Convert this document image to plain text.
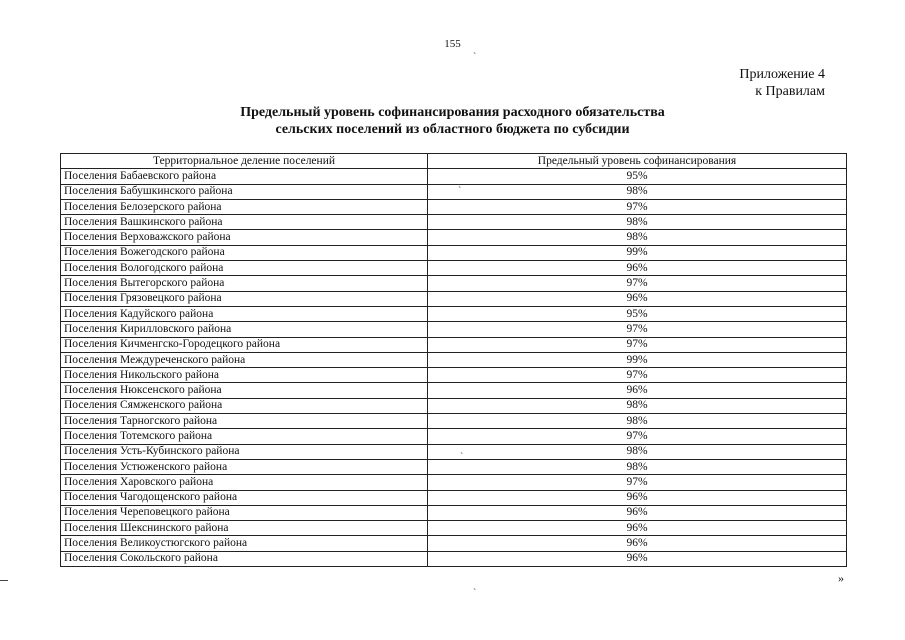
155
`
Приложение 4
к Правилам
Предельный уровень софинансирования расходного обязательства
сельских поселений из областного бюджета по субсидии
Территориальное деление поселений	Предельный уровень софинансирования
Поселения Бабаевского района	95%
Поселения Бабушкинского района	98%
Поселения Белозерского района	97%
Поселения Вашкинского района	98%
Поселения Верховажского района	98%
Поселения Вожегодского района	99%
Поселения Вологодского района	96%
Поселения Вытегорского района	97%
Поселения Грязовецкого района	96%
Поселения Кадуйского района	95%
Поселения Кирилловского района	97%
Поселения Кичменгско-Городецкого района	97%
Поселения Междуреченского района	99%
Поселения Никольского района	97%
Поселения Нюксенского района	96%
Поселения Сямженского района	98%
Поселения Тарногского района	98%
Поселения Тотемского района	97%
Поселения Усть-Кубинского района	98%
Поселения Устюженского района	98%
Поселения Харовского района	97%
Поселения Чагодощенского района	96%
Поселения Череповецкого района	96%
Поселения Шекснинского района	96%
Поселения Великоустюгского района	96%
Поселения Сокольского района	96%
`
`
`
»
